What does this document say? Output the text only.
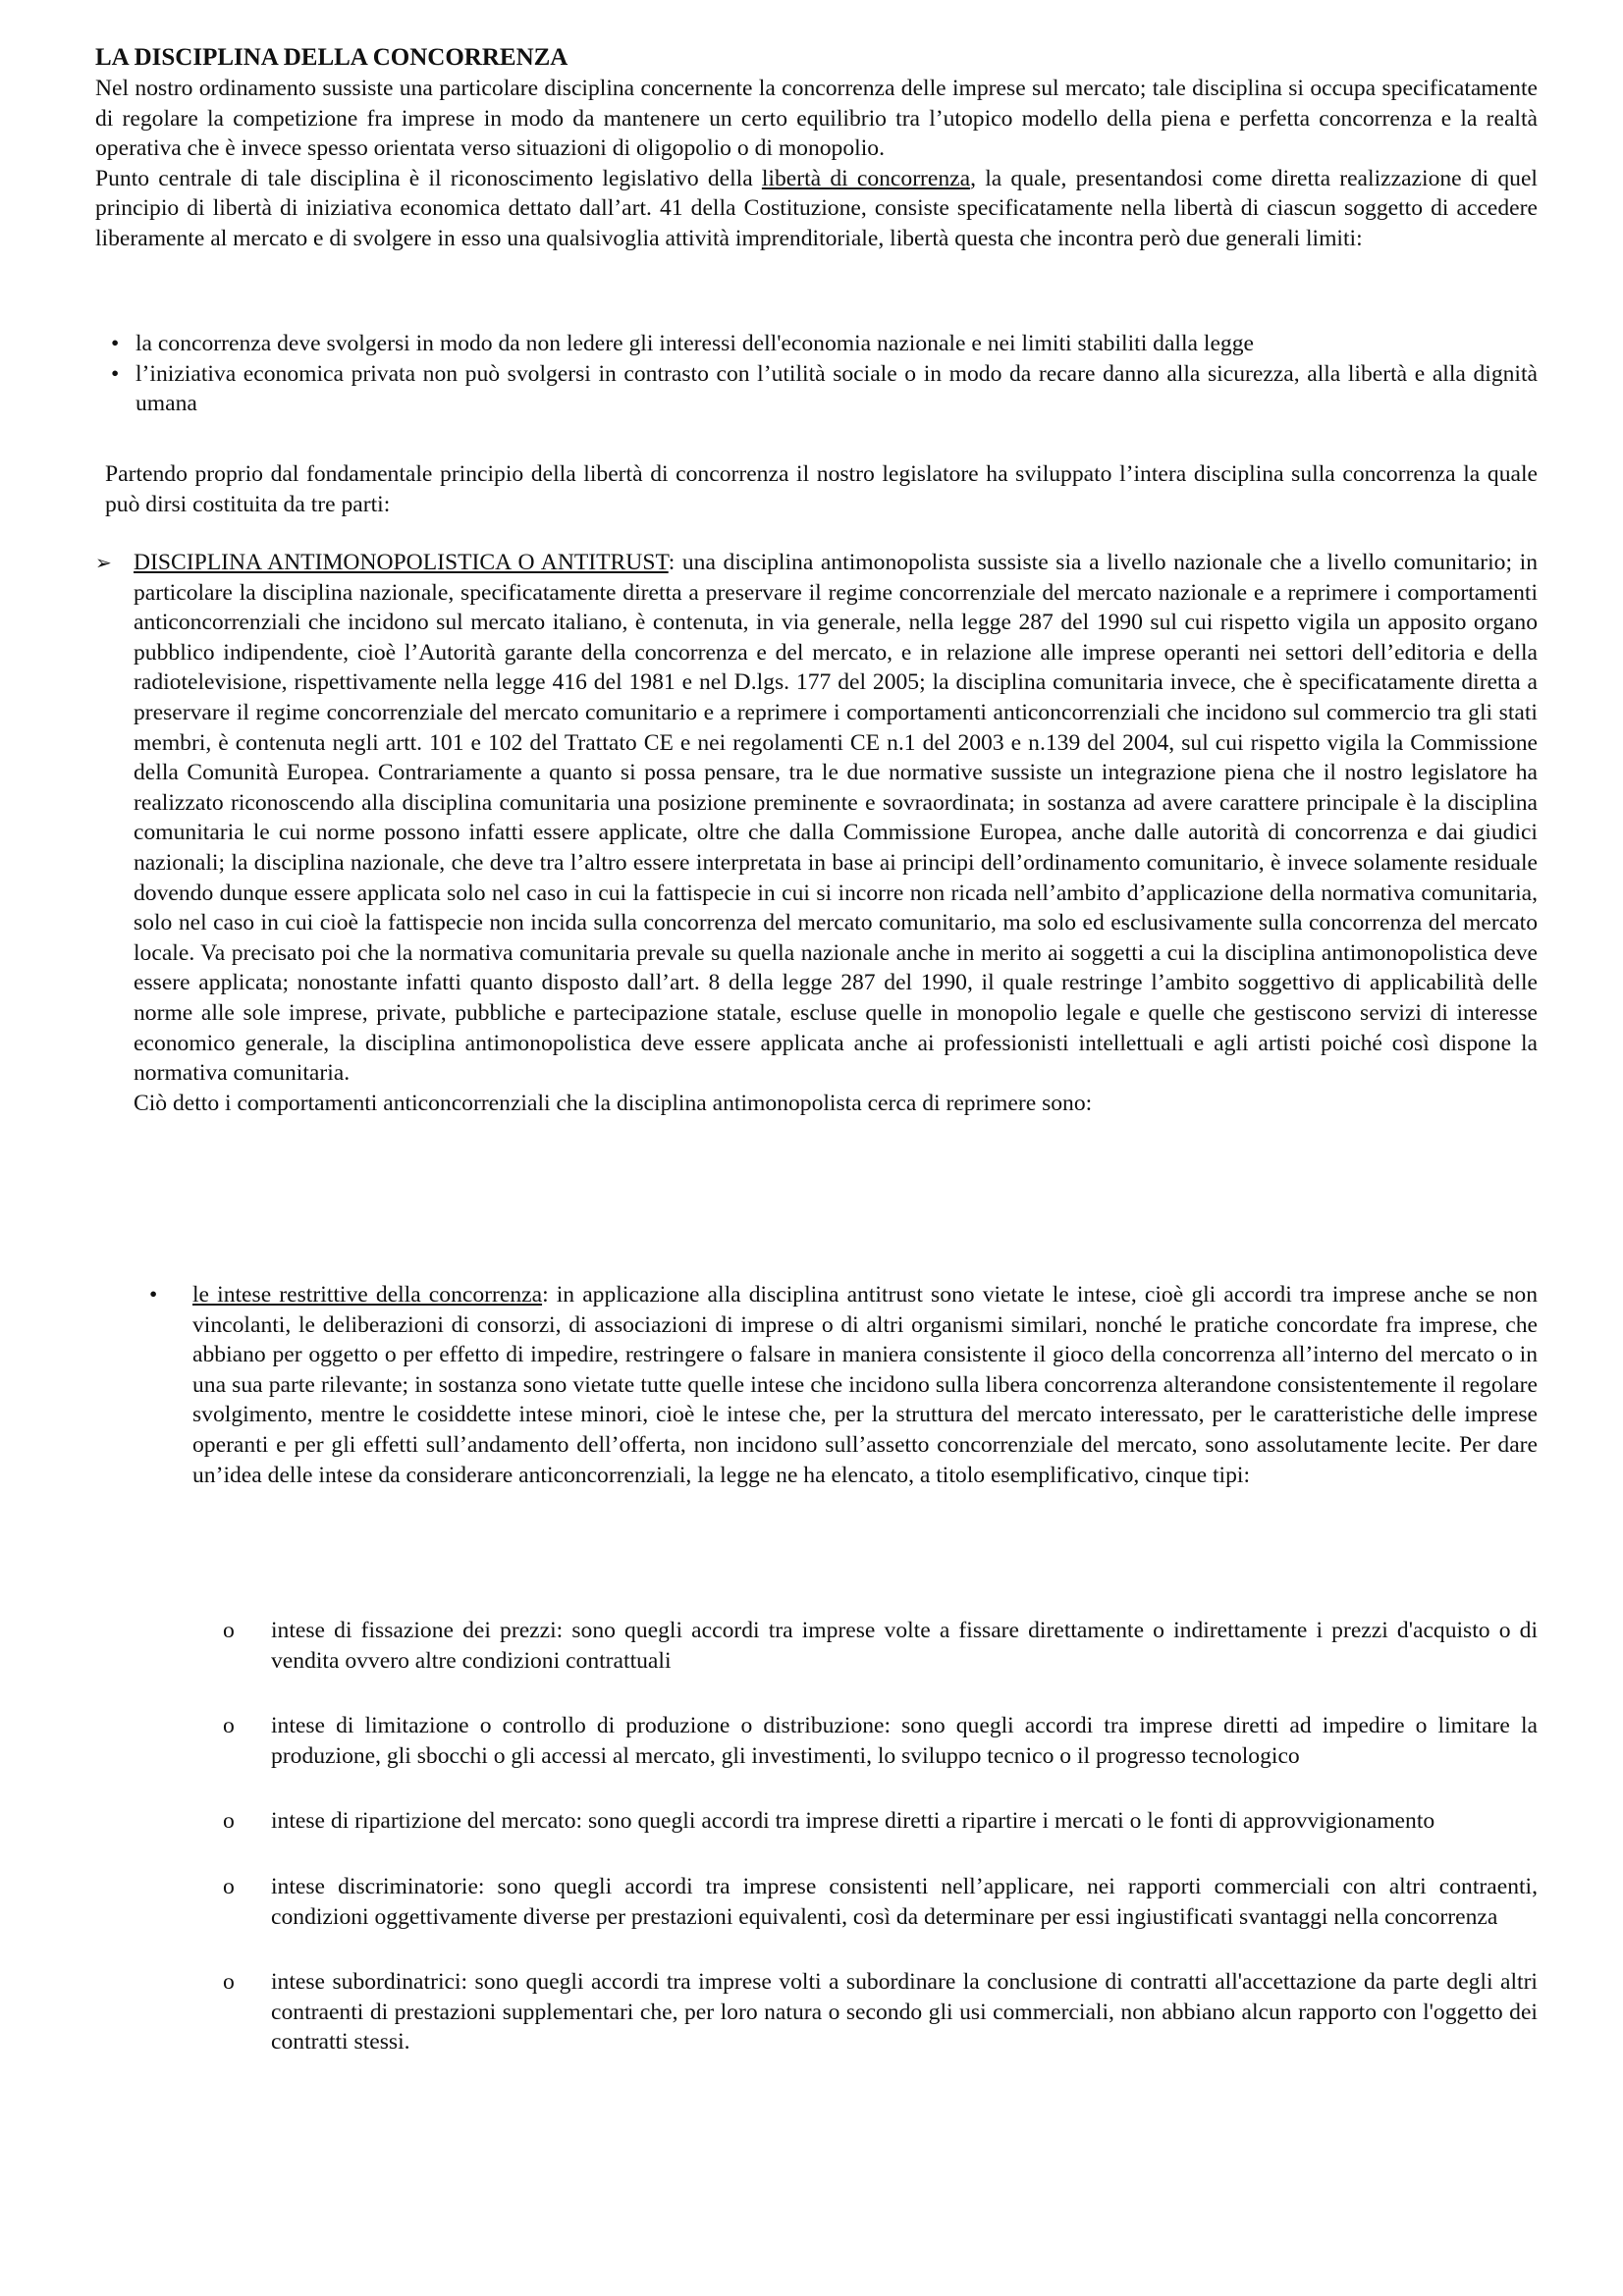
LA DISCIPLINA DELLA CONCORRENZA

Nel nostro ordinamento sussiste una particolare disciplina concernente la concorrenza delle imprese sul mercato; tale disciplina si occupa specificatamente di regolare la competizione fra imprese in modo da mantenere un certo equilibrio tra l’utopico modello della piena e perfetta concorrenza e la realtà operativa che è invece spesso orientata verso situazioni di oligopolio o di monopolio.

Punto centrale di tale disciplina è il riconoscimento legislativo della libertà di concorrenza, la quale, presentandosi come diretta realizzazione di quel principio di libertà di iniziativa economica dettato dall’art. 41 della Costituzione, consiste specificatamente nella libertà di ciascun soggetto di accedere liberamente al mercato e di svolgere in esso una qualsivoglia attività imprenditoriale, libertà questa che incontra però due generali limiti:

• la concorrenza deve svolgersi in modo da non ledere gli interessi dell'economia nazionale e nei limiti stabiliti dalla legge
• l’iniziativa economica privata non può svolgersi in contrasto con l’utilità sociale o in modo da recare danno alla sicurezza, alla libertà e alla dignità umana

Partendo proprio dal fondamentale principio della libertà di concorrenza il nostro legislatore ha sviluppato l’intera disciplina sulla concorrenza la quale può dirsi costituita da tre parti:

➢ DISCIPLINA ANTIMONOPOLISTICA O ANTITRUST: una disciplina antimonopolista sussiste sia a livello nazionale che a livello comunitario; in particolare la disciplina nazionale, specificatamente diretta a preservare il regime concorrenziale del mercato nazionale e a reprimere i comportamenti anticoncorrenziali che incidono sul mercato italiano, è contenuta, in via generale, nella legge 287 del 1990 sul cui rispetto vigila un apposito organo pubblico indipendente, cioè l’Autorità garante della concorrenza e del mercato, e in relazione alle imprese operanti nei settori dell’editoria e della radiotelevisione, rispettivamente nella legge 416 del 1981 e nel D.lgs. 177 del 2005; la disciplina comunitaria invece, che è specificatamente diretta a preservare il regime concorrenziale del mercato comunitario e a reprimere i comportamenti anticoncorrenziali che incidono sul commercio tra gli stati membri, è contenuta negli artt. 101 e 102 del Trattato CE e nei regolamenti CE n.1 del 2003 e n.139 del 2004, sul cui rispetto vigila la Commissione della Comunità Europea. Contrariamente a quanto si possa pensare, tra le due normative sussiste un integrazione piena che il nostro legislatore ha realizzato riconoscendo alla disciplina comunitaria una posizione preminente e sovraordinata; in sostanza ad avere carattere principale è la disciplina comunitaria le cui norme possono infatti essere applicate, oltre che dalla Commissione Europea, anche dalle autorità di concorrenza e dai giudici nazionali; la disciplina nazionale, che deve tra l’altro essere interpretata in base ai principi dell’ordinamento comunitario, è invece solamente residuale dovendo dunque essere applicata solo nel caso in cui la fattispecie in cui si incorre non ricada nell’ambito d’applicazione della normativa comunitaria, solo nel caso in cui cioè la fattispecie non incida sulla concorrenza del mercato comunitario, ma solo ed esclusivamente sulla concorrenza del mercato locale. Va precisato poi che la normativa comunitaria prevale su quella nazionale anche in merito ai soggetti a cui la disciplina antimonopolistica deve essere applicata; nonostante infatti quanto disposto dall’art. 8 della legge 287 del 1990, il quale restringe l’ambito soggettivo di applicabilità delle norme alle sole imprese, private, pubbliche e partecipazione statale, escluse quelle in monopolio legale e quelle che gestiscono servizi di interesse economico generale, la disciplina antimonopolistica deve essere applicata anche ai professionisti intellettuali e agli artisti poiché così dispone la normativa comunitaria.

Ciò detto i comportamenti anticoncorrenziali che la disciplina antimonopolista cerca di reprimere sono:

• le intese restrittive della concorrenza: in applicazione alla disciplina antitrust sono vietate le intese, cioè gli accordi tra imprese anche se non vincolanti, le deliberazioni di consorzi, di associazioni di imprese o di altri organismi similari, nonché le pratiche concordate fra imprese, che abbiano per oggetto o per effetto di impedire, restringere o falsare in maniera consistente il gioco della concorrenza all’interno del mercato o in una sua parte rilevante; in sostanza sono vietate tutte quelle intese che incidono sulla libera concorrenza alterandone consistentemente il regolare svolgimento, mentre le cosiddette intese minori, cioè le intese che, per la struttura del mercato interessato, per le caratteristiche delle imprese operanti e per gli effetti sull’andamento dell’offerta, non incidono sull’assetto concorrenziale del mercato, sono assolutamente lecite. Per dare un’idea delle intese da considerare anticoncorrenziali, la legge ne ha elencato, a titolo esemplificativo, cinque tipi:
o intese di fissazione dei prezzi: sono quegli accordi tra imprese volte a fissare direttamente o indirettamente i prezzi d'acquisto o di vendita ovvero altre condizioni contrattuali
o intese di limitazione o controllo di produzione o distribuzione: sono quegli accordi tra imprese diretti ad impedire o limitare la produzione, gli sbocchi o gli accessi al mercato, gli investimenti, lo sviluppo tecnico o il progresso tecnologico
o intese di ripartizione del mercato: sono quegli accordi tra imprese diretti a ripartire i mercati o le fonti di approvvigionamento
o intese discriminatorie: sono quegli accordi tra imprese consistenti nell’applicare, nei rapporti commerciali con altri contraenti, condizioni oggettivamente diverse per prestazioni equivalenti, così da determinare per essi ingiustificati svantaggi nella concorrenza
o intese subordinatrici: sono quegli accordi tra imprese volti a subordinare la conclusione di contratti all'accettazione da parte degli altri contraenti di prestazioni supplementari che, per loro natura o secondo gli usi commerciali, non abbiano alcun rapporto con l'oggetto dei contratti stessi.
